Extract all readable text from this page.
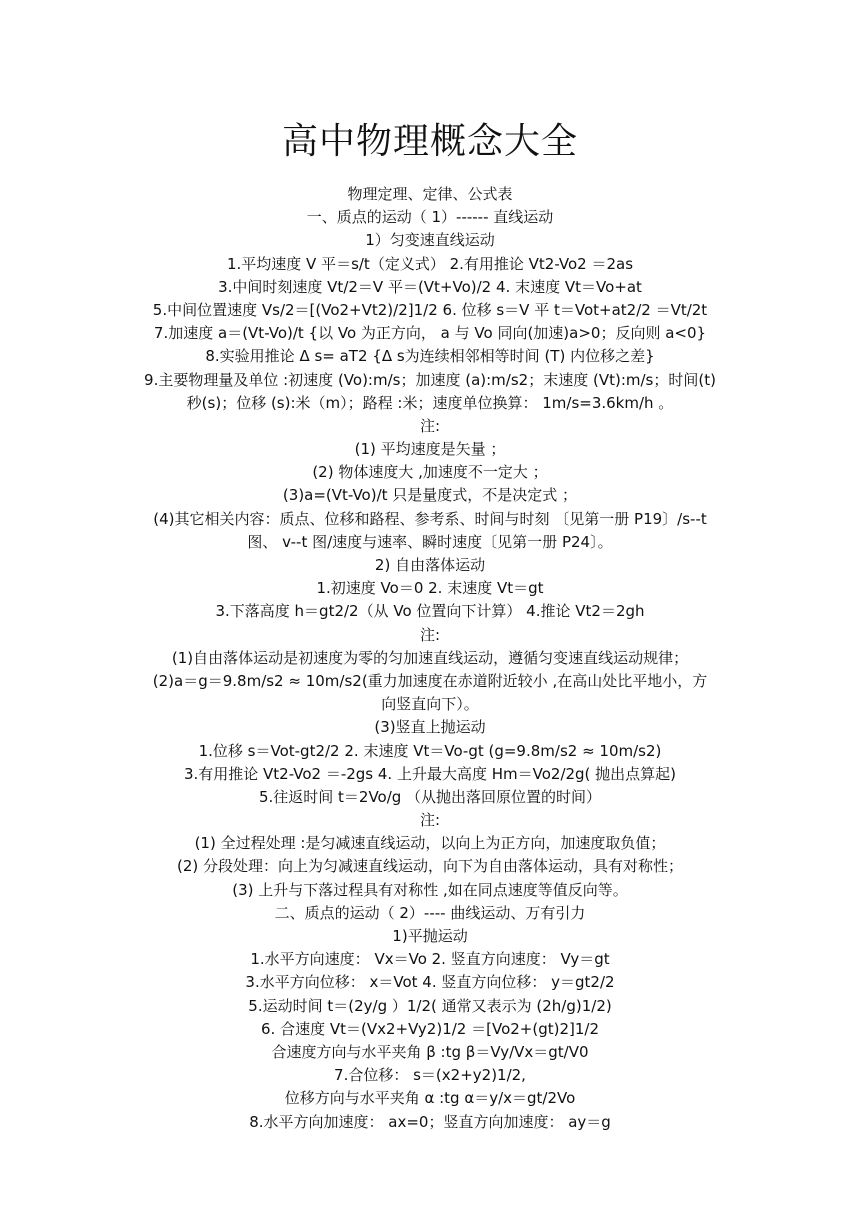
高中物理概念大全
物理定理、定律、公式表
一、质点的运动（ 1）------ 直线运动
1）匀变速直线运动
1.平均速度 V 平＝s/t（定义式） 2.有用推论 Vt2-Vo2 ＝2as
3.中间时刻速度 Vt/2＝V 平＝(Vt+Vo)/2 4. 末速度 Vt＝Vo+at
5.中间位置速度 Vs/2＝[(Vo2+Vt2)/2]1/2 6. 位移 s＝V 平 t＝Vot+at2/2 ＝Vt/2t
7.加速度 a＝(Vt-Vo)/t {以 Vo 为正方向， a 与 Vo 同向(加速)a>0；反向则 a<0}
8.实验用推论 Δ s= aT2 {Δ s为连续相邻相等时间 (T) 内位移之差}
9.主要物理量及单位 :初速度 (Vo):m/s；加速度 (a):m/s2；末速度 (Vt):m/s；时间(t)
秒(s)；位移 (s):米（m）；路程 :米；速度单位换算： 1m/s=3.6km/h 。
注:
(1) 平均速度是矢量 ；
(2) 物体速度大 ,加速度不一定大 ；
(3)a=(Vt-Vo)/t 只是量度式，不是决定式 ；
(4)其它相关内容：质点、位移和路程、参考系、时间与时刻 〔见第一册 P19〕/s--t
图、 v--t 图/速度与速率、瞬时速度〔见第一册 P24〕。
2) 自由落体运动
1.初速度 Vo＝0 2. 末速度 Vt＝gt
3.下落高度 h＝gt2/2（从 Vo 位置向下计算） 4.推论 Vt2＝2gh
注:
(1)自由落体运动是初速度为零的匀加速直线运动，遵循匀变速直线运动规律；
(2)a＝g＝9.8m/s2 ≈ 10m/s2(重力加速度在赤道附近较小 ,在高山处比平地小，方
向竖直向下）。
(3)竖直上抛运动
1.位移 s＝Vot-gt2/2 2. 末速度 Vt＝Vo-gt (g=9.8m/s2 ≈ 10m/s2)
3.有用推论 Vt2-Vo2 ＝-2gs 4. 上升最大高度 Hm＝Vo2/2g( 抛出点算起)
5.往返时间 t＝2Vo/g （从抛出落回原位置的时间）
注:
(1) 全过程处理 :是匀减速直线运动，以向上为正方向，加速度取负值；
(2) 分段处理：向上为匀减速直线运动，向下为自由落体运动，具有对称性；
(3) 上升与下落过程具有对称性 ,如在同点速度等值反向等。
二、质点的运动（ 2）---- 曲线运动、万有引力
1)平抛运动
1.水平方向速度： Vx＝Vo 2. 竖直方向速度： Vy＝gt
3.水平方向位移： x＝Vot 4. 竖直方向位移： y＝gt2/2
5.运动时间 t＝(2y/g ）1/2( 通常又表示为 (2h/g)1/2)
6. 合速度 Vt＝(Vx2+Vy2)1/2 ＝[Vo2+(gt)2]1/2
合速度方向与水平夹角 β :tg β＝Vy/Vx＝gt/V0
7.合位移： s＝(x2+y2)1/2,
位移方向与水平夹角 α :tg α＝y/x＝gt/2Vo
8.水平方向加速度： ax=0；竖直方向加速度： ay＝g
